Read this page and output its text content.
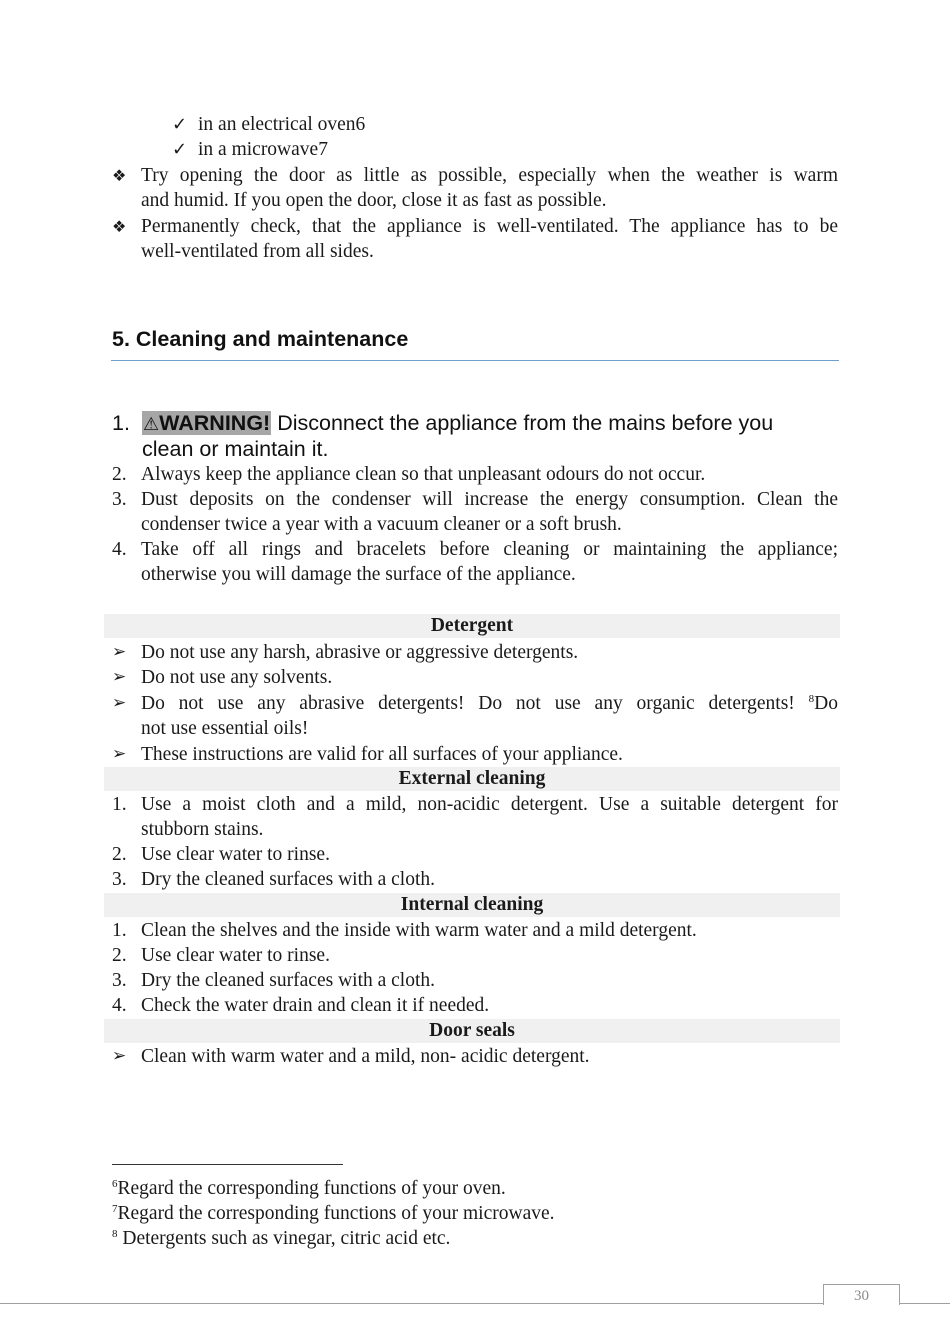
✓ in an electrical oven6
✓ in a microwave7
❖ Try opening the door as little as possible, especially when the weather is warm
and humid. If you open the door, close it as fast as possible.
❖ Permanently check, that the appliance is well-ventilated. The appliance has to be
well-ventilated from all sides.
5. Cleaning and maintenance
1. ⚠WARNING! Disconnect the appliance from the mains before you
clean or maintain it.
2. Always keep the appliance clean so that unpleasant odours do not occur.
3. Dust deposits on the condenser will increase the energy consumption. Clean the
condenser twice a year with a vacuum cleaner or a soft brush.
4. Take off all rings and bracelets before cleaning or maintaining the appliance;
otherwise you will damage the surface of the appliance.
Detergent
➢ Do not use any harsh, abrasive or aggressive detergents.
➢ Do not use any solvents.
➢ Do not use any abrasive detergents! Do not use any organic detergents! $^8$Do
not use essential oils!
➢ These instructions are valid for all surfaces of your appliance.
External cleaning
1. Use a moist cloth and a mild, non-acidic detergent. Use a suitable detergent for
stubborn stains.
2. Use clear water to rinse.
3. Dry the cleaned surfaces with a cloth.
Internal cleaning
1. Clean the shelves and the inside with warm water and a mild detergent.
2. Use clear water to rinse.
3. Dry the cleaned surfaces with a cloth.
4. Check the water drain and clean it if needed.
Door seals
➢ Clean with warm water and a mild, non- acidic detergent.
$^6$Regard the corresponding functions of your oven.
$^7$Regard the corresponding functions of your microwave.
$^8$ Detergents such as vinegar, citric acid etc.
30
